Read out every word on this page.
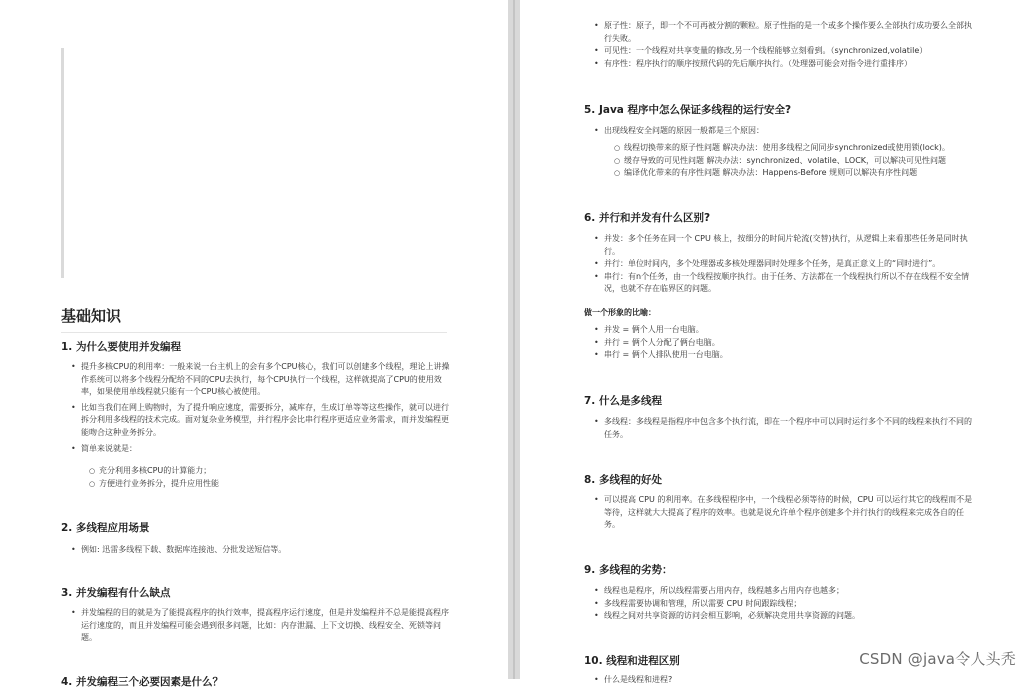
基础知识
1. 为什么要使用并发编程

• 提升多核CPU的利用率：一般来说一台主机上的会有多个CPU核心，我们可以创建多个线程，理论上讲操作系统可以将多个线程分配给不同的CPU去执行，每个CPU执行一个线程，这样就提高了CPU的使用效率，如果使用单线程就只能有一个CPU核心被使用。

• 比如当我们在网上购物时，为了提升响应速度，需要拆分，减库存，生成订单等等这些操作，就可以进行拆分利用多线程的技术完成。面对复杂业务模型，并行程序会比串行程序更适应业务需求，而并发编程更能吻合这种业务拆分。

• 简单来说就是：

○ 充分利用多核CPU的计算能力；

○ 方便进行业务拆分，提升应用性能

2. 多线程应用场景

• 例如: 迅雷多线程下载、数据库连接池、分批发送短信等。

3. 并发编程有什么缺点

• 并发编程的目的就是为了能提高程序的执行效率，提高程序运行速度，但是并发编程并不总是能提高程序运行速度的，而且并发编程可能会遇到很多问题，比如：内存泄漏、上下文切换、线程安全、死锁等问题。

4. 并发编程三个必要因素是什么？

• 原子性：原子，即一个不可再被分割的颗粒。原子性指的是一个或多个操作要么全部执行成功要么全部执行失败。

• 可见性：一个线程对共享变量的修改,另一个线程能够立刻看到。（synchronized,volatile）

• 有序性：程序执行的顺序按照代码的先后顺序执行。（处理器可能会对指令进行重排序）

5. Java 程序中怎么保证多线程的运行安全?

• 出现线程安全问题的原因一般都是三个原因：

○ 线程切换带来的原子性问题 解决办法：使用多线程之间同步synchronized或使用锁(lock)。

○ 缓存导致的可见性问题 解决办法：synchronized、volatile、LOCK，可以解决可见性问题

○ 编译优化带来的有序性问题 解决办法：Happens-Before 规则可以解决有序性问题

6. 并行和并发有什么区别?

• 并发：多个任务在同一个 CPU 核上，按细分的时间片轮流(交替)执行，从逻辑上来看那些任务是同时执行。

• 并行：单位时间内，多个处理器或多核处理器同时处理多个任务，是真正意义上的“同时进行”。

• 串行：有n个任务，由一个线程按顺序执行。由于任务、方法都在一个线程执行所以不存在线程不安全情况，也就不存在临界区的问题。

做一个形象的比喻：

• 并发 = 俩个人用一台电脑。

• 并行 = 俩个人分配了俩台电脑。

• 串行 = 俩个人排队使用一台电脑。

7. 什么是多线程

• 多线程：多线程是指程序中包含多个执行流，即在一个程序中可以同时运行多个不同的线程来执行不同的任务。

8. 多线程的好处

• 可以提高 CPU 的利用率。在多线程程序中，一个线程必须等待的时候，CPU 可以运行其它的线程而不是等待，这样就大大提高了程序的效率。也就是说允许单个程序创建多个并行执行的线程来完成各自的任务。

9. 多线程的劣势：

• 线程也是程序，所以线程需要占用内存，线程越多占用内存也越多；

• 多线程需要协调和管理，所以需要 CPU 时间跟踪线程；

• 线程之间对共享资源的访问会相互影响，必须解决竞用共享资源的问题。

10. 线程和进程区别

• 什么是线程和进程?

CSDN @java令人头秃
